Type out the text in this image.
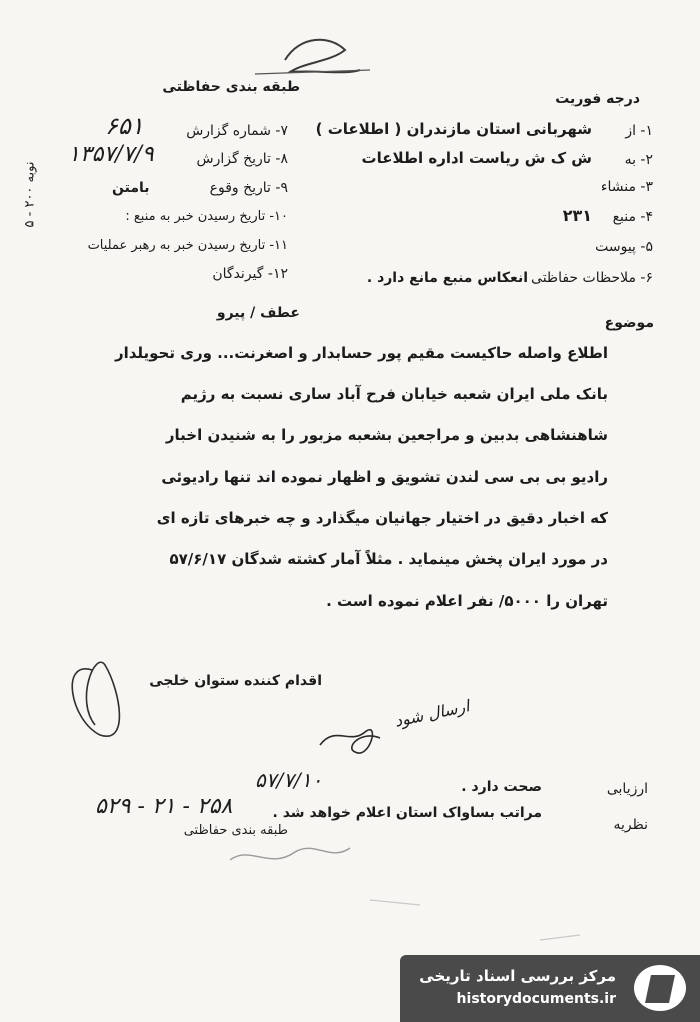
درجه فوریت
طبقه بندی حفاظتی
۱- از
شهربانی استان مازندران ( اطلاعات )
۲- به
ش ک ش ریاست اداره اطلاعات
۳- منشاء
۴- منبع
۲۳۱
۵- پیوست
۶- ملاحظات حفاظتی
انعکاس منبع مانع دارد .
۷- شماره گزارش
۶۵۱
۸- تاریخ گزارش
۱۳۵۷/۷/۹
۹- تاریخ وقوع
بامتن
۱۰- تاریخ رسیدن خبر به منبع :
۱۱- تاریخ رسیدن خبر به رهبر عملیات
۱۲- گیرندگان
نوبه ۲۰۰ - ۵
موضوع
عطف / پیرو
اطلاع واصله حاکیست مقیم پور حسابدار و اصغرنت... وری تحویلدار
بانک ملی ایران شعبه خیابان فرح آباد ساری نسبت به رژیم
شاهنشاهی بدبین و مراجعین بشعبه مزبور را به شنیدن اخبار
رادیو بی بی سی لندن تشویق و اظهار نموده اند تنها رادیوئی
که اخبار دقیق در اختیار جهانیان میگذارد و چه خبرهای تازه ای
در مورد ایران پخش مینماید . مثلاً آمار کشته شدگان ۵۷/۶/۱۷
تهران را ۵۰۰۰/ نفر اعلام نموده است .
اقدام کننده ستوان خلجی
ارسال شود
۵۷/۷/۱۰	ارزیابی
صحت دارد .
نظریه
مراتب بساواک استان اعلام خواهد شد .
۵۲۹ - ۲۱ - ۲۵۸
طبقه بندی حفاظتی
مرکز بررسی اسناد تاریخی
historydocuments.ir
